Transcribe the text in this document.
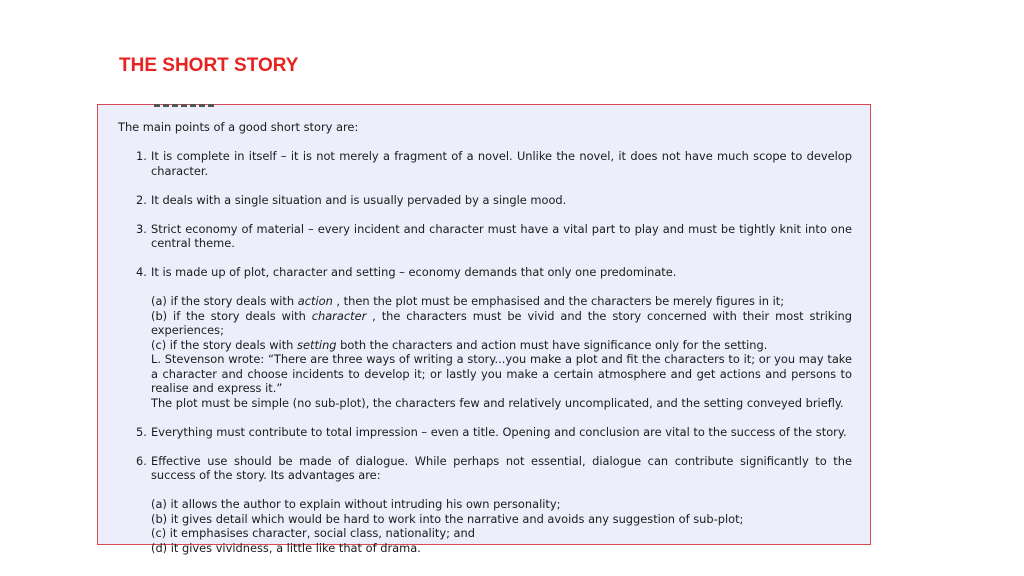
THE SHORT STORY

The main points of a good short story are:

1. It is complete in itself – it is not merely a fragment of a novel. Unlike the novel, it does not have much scope to develop character.

2. It deals with a single situation and is usually pervaded by a single mood.

3. Strict economy of material – every incident and character must have a vital part to play and must be tightly knit into one central theme.

4. It is made up of plot, character and setting – economy demands that only one predominate.

(a) if the story deals with action , then the plot must be emphasised and the characters be merely figures in it;
(b) if the story deals with character , the characters must be vivid and the story concerned with their most striking experiences;
(c) if the story deals with setting both the characters and action must have significance only for the setting.

L. Stevenson wrote: “There are three ways of writing a story...you make a plot and fit the characters to it; or you may take a character and choose incidents to develop it; or lastly you make a certain atmosphere and get actions and persons to realise and express it.”

The plot must be simple (no sub-plot), the characters few and relatively uncomplicated, and the setting conveyed briefly.

5. Everything must contribute to total impression – even a title. Opening and conclusion are vital to the success of the story.

6. Effective use should be made of dialogue. While perhaps not essential, dialogue can contribute significantly to the success of the story. Its advantages are:

(a) it allows the author to explain without intruding his own personality;
(b) it gives detail which would be hard to work into the narrative and avoids any suggestion of sub-plot;
(c) it emphasises character, social class, nationality; and
(d) it gives vividness, a little like that of drama.
